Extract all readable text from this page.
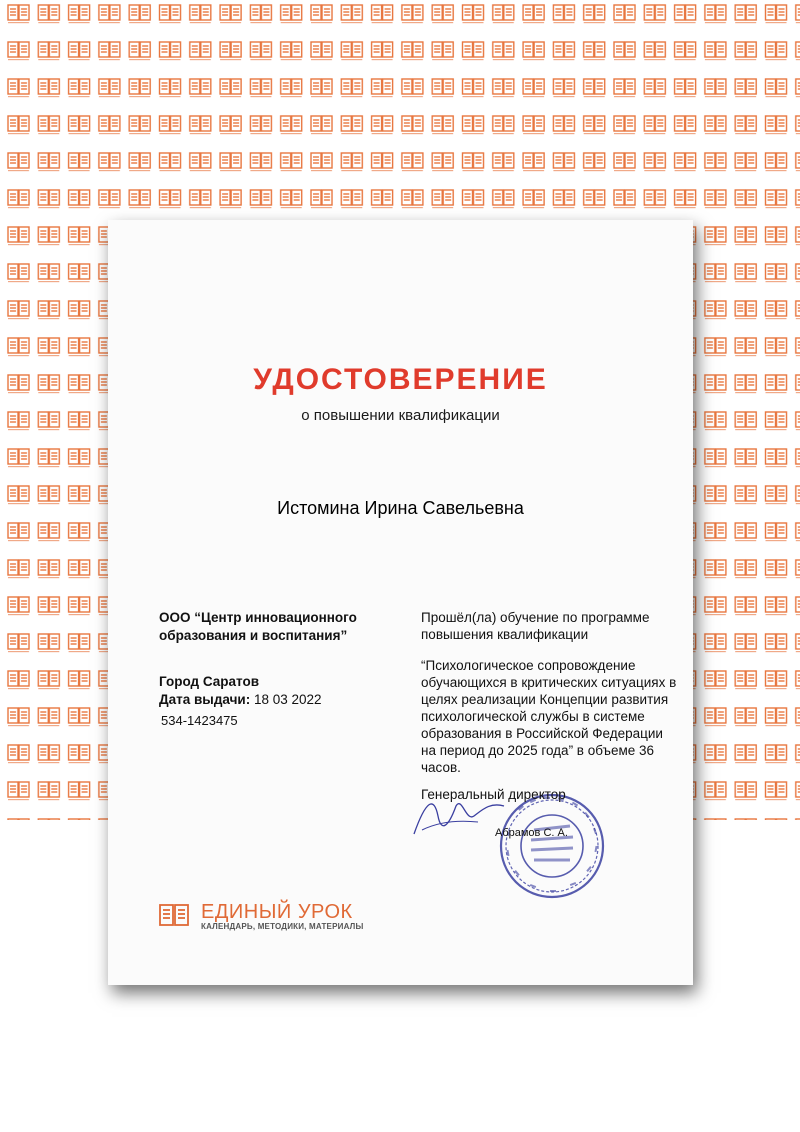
УДОСТОВЕРЕНИЕ
о повышении квалификации
Истомина Ирина Савельевна
ООО “Центр инновационного образования и воспитания”
Город Саратов
Дата выдачи: 18 03 2022
534-1423475
Прошёл(ла) обучение по программе повышения квалификации
“Психологическое сопровождение обучающихся в критических ситуациях в целях реализации Концепции развития психологической службы в системе образования в Российской Федерации на период до 2025 года” в объеме 36 часов.
Генеральный директор
Абрамов С. А.
ЕДИНЫЙ УРОК
КАЛЕНДАРЬ, МЕТОДИКИ, МАТЕРИАЛЫ
